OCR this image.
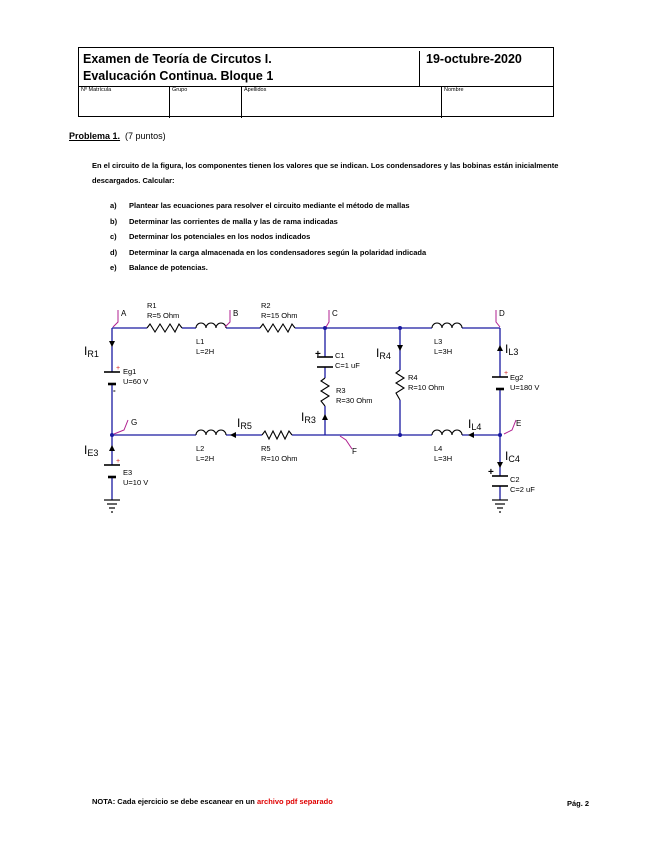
Examen de Teoría de Circutos I.
Evalucación Continua. Bloque 1
19-octubre-2020
Nº Matrícula	Grupo	Apellidos	Nombre
Problema 1. (7 puntos)
En el circuito de la figura, los componentes tienen los valores que se indican. Los condensadores y las bobinas están inicialmente descargados. Calcular:
a) Plantear las ecuaciones para resolver el circuito mediante el método de mallas
b) Determinar las corrientes de malla y las de rama indicadas
c) Determinar los potenciales en los nodos indicados
d) Determinar la carga almacenada en los condensadores según la polaridad indicada
e) Balance de potencias.
+
+
+
A	B	C	D
E
F
G
R1
R=5 Ohm
R2
R=15 Ohm
L1
L=2H
L3
L=3H
C1
C=1 uF
R3
R=30 Ohm
R4
R=10 Ohm
Eg1
U=60 V	Eg2
U=180 V
L2
L=2H
R5
R=10 Ohm
L4
L=3H
E3
U=10 V	C2
C=2 uF
+
+
-
IR1
IR3
IR4
IR5
IL3
IL4
IE3	IC4
NOTA: Cada ejercicio se debe escanear en un archivo pdf separado	Pág. 2
